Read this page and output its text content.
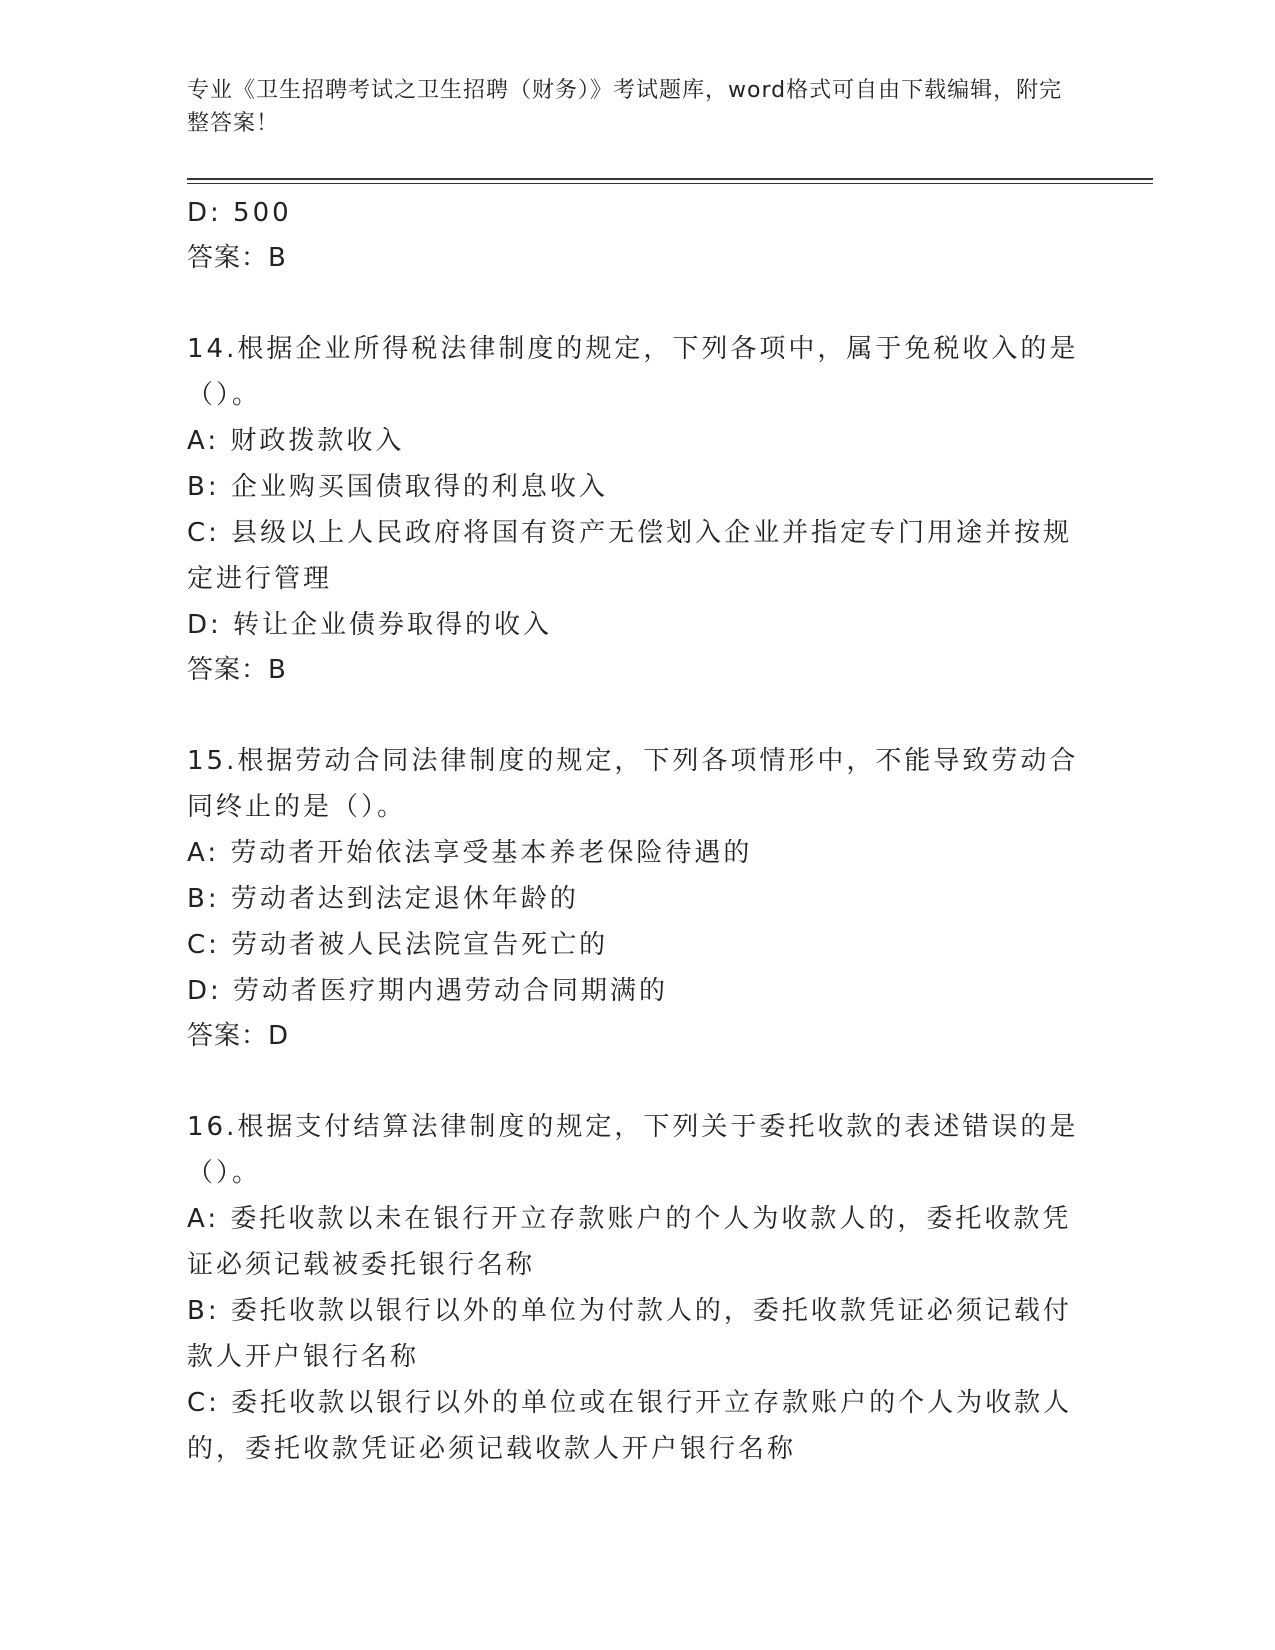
专业《卫生招聘考试之卫生招聘（财务）》考试题库，word格式可自由下载编辑，附完整答案！
D: 500
答案：B
14.根据企业所得税法律制度的规定，下列各项中，属于免税收入的是（）。
A: 财政拨款收入
B: 企业购买国债取得的利息收入
C: 县级以上人民政府将国有资产无偿划入企业并指定专门用途并按规定进行管理
D: 转让企业债券取得的收入
答案：B
15.根据劳动合同法律制度的规定，下列各项情形中，不能导致劳动合同终止的是（）。
A: 劳动者开始依法享受基本养老保险待遇的
B: 劳动者达到法定退休年龄的
C: 劳动者被人民法院宣告死亡的
D: 劳动者医疗期内遇劳动合同期满的
答案：D
16.根据支付结算法律制度的规定，下列关于委托收款的表述错误的是（）。
A: 委托收款以未在银行开立存款账户的个人为收款人的，委托收款凭证必须记载被委托银行名称
B: 委托收款以银行以外的单位为付款人的，委托收款凭证必须记载付款人开户银行名称
C: 委托收款以银行以外的单位或在银行开立存款账户的个人为收款人的，委托收款凭证必须记载收款人开户银行名称
